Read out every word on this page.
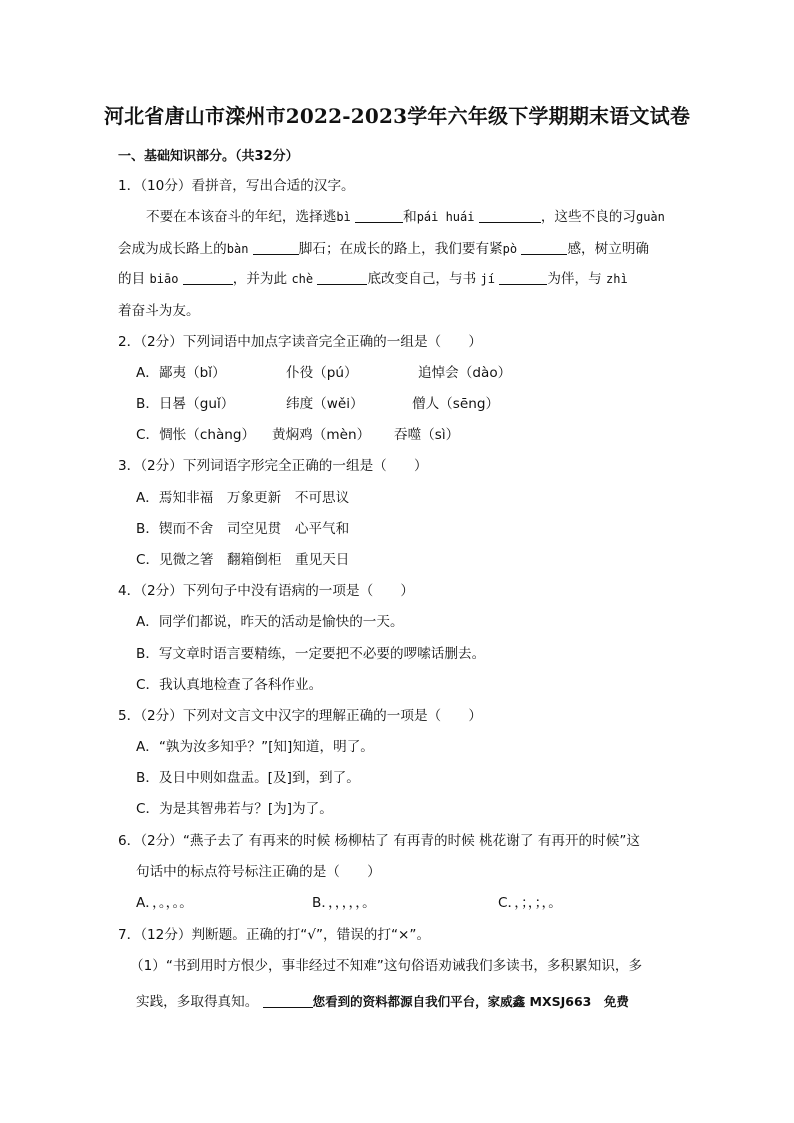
河北省唐山市滦州市2022-2023学年六年级下学期期末语文试卷
一、基础知识部分。（共32分）
1．（10分）看拼音，写出合适的汉字。
不要在本该奋斗的年纪，选择逃bì	和pái huái	，这些不良的习guàn
会成为成长路上的bàn	脚石；在成长的路上，我们要有紧pò	感，树立明确
的目 biāo	，并为此 chè	底改变自己，与书 jí	为伴，与 zhì
着奋斗为友。
2．（2分）下列词语中加点字读音完全正确的一组是（　　）
A．鄙夷（bǐ）	仆役（pú）	追悼会（dào）
B．日晷（guǐ）	纬度（wěi）	僧人（sēng）
C．惆怅（chàng） 黄焖鸡（mèn） 吞噬（sì）
3．（2分）下列词语字形完全正确的一组是（　　）
A．焉知非福　万象更新　不可思议
B．锲而不舍　司空见贯　心平气和
C．见微之箸　翻箱倒柜　重见天日
4．（2分）下列句子中没有语病的一项是（　　）
A．同学们都说，昨天的活动是愉快的一天。
B．写文章时语言要精练，一定要把不必要的啰嗦话删去。
C．我认真地检查了各科作业。
5．（2分）下列对文言文中汉字的理解正确的一项是（　　）
A．“孰为汝多知乎？”[知]知道，明了。
B．及日中则如盘盂。[及]到，到了。
C．为是其智弗若与？[为]为了。
6．（2分）“燕子去了 有再来的时候 杨柳枯了 有再青的时候 桃花谢了 有再开的时候”这
句话中的标点符号标注正确的是（　　）
A．，。，。。	B．，，，，，。	C．，；，；，。
7．（12分）判断题。正确的打“√”，错误的打“×”。
（1）“书到用时方恨少，事非经过不知难”这句俗语劝诫我们多读书，多积累知识，多
实践，多取得真知。	您看到的资料都源自我们平台，家威鑫 MXSJ663　免费
